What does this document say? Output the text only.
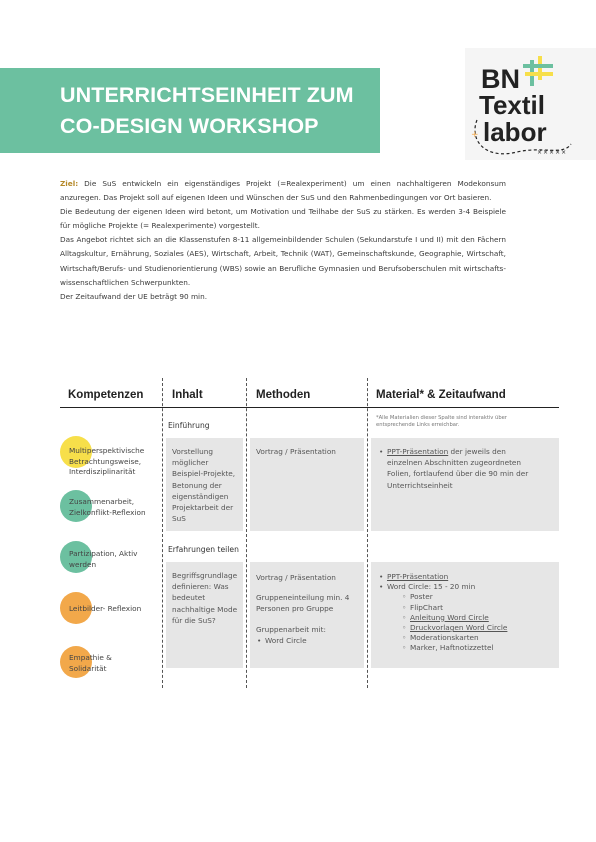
UNTERRICHTSEINHEIT ZUM
CO-DESIGN WORKSHOP
BN
Textil
labor
+
×××××

Ziel: Die SuS entwickeln ein eigenständiges Projekt (=Realexperiment) um einen nachhaltigeren Modekonsum anzuregen. Das Projekt soll auf eigenen Ideen und Wünschen der SuS und den Rahmenbedingungen vor Ort basieren.

Die Bedeutung der eigenen Ideen wird betont, um Motivation und Teilhabe der SuS zu stärken. Es werden 3-4 Beispiele für mögliche Projekte (= Realexperimente) vorgestellt.

Das Angebot richtet sich an die Klassenstufen 8-11 allgemeinbildender Schulen (Sekundarstufe I und II) mit den Fächern Alltagskultur, Ernährung, Soziales (AES), Wirtschaft, Arbeit, Technik (WAT), Gemeinschaftskunde, Geographie, Wirtschaft, Wirtschaft/Berufs- und Studienorientierung (WBS) sowie an Berufliche Gymnasien und Berufsoberschulen mit wirtschafts-wissenschaftlichen Schwerpunkten.

Der Zeitaufwand der UE beträgt 90 min.

Kompetenzen Inhalt	Methoden	Material* & Zeitaufwand
*Alle Materialien dieser Spalte sind interaktiv über entsprechende Links erreichbar.
Einführung
Vorstellung möglicher Beispiel-Projekte, Betonung der eigenständigen Projektarbeit der SuS
Vortrag / Präsentation
•	PPT-Präsentation der jeweils den einzelnen Abschnitten zugeordneten Folien, fortlaufend über die 90 min der Unterrichtseinheit
Erfahrungen teilen
Begriffsgrundlage definieren: Was bedeutet nachhaltige Mode für die SuS?
Vortrag / Präsentation
Gruppeneinteilung min. 4 Personen pro Gruppe
Gruppenarbeit mit:
• Word Circle
• PPT-Präsentation
• Word Circle: 15 - 20 min
◦ Poster
◦ FlipChart
◦ Anleitung Word Circle
◦ Druckvorlagen Word Circle
◦ Moderationskarten
◦ Marker, Haftnotizzettel
Multiperspektivische Betrachtungsweise, Interdisziplinarität
Zusammenarbeit, Zielkonflikt-Reflexion
Partizipation, Aktiv werden
Leitbilder- Reflexion
Empathie & Solidarität
